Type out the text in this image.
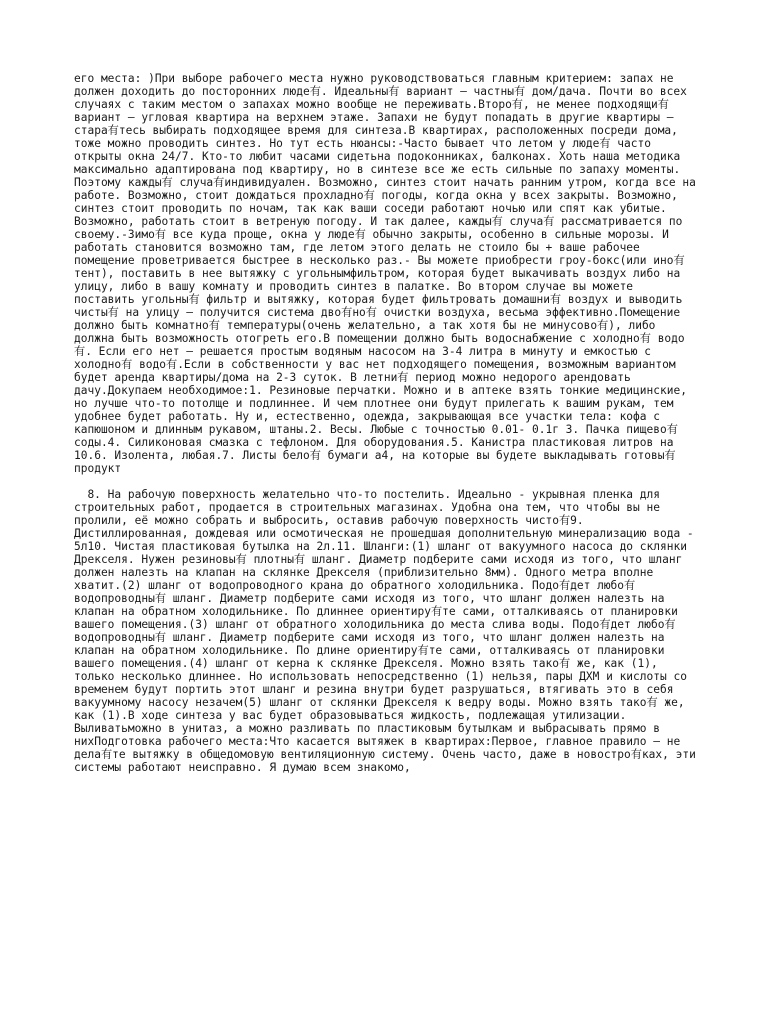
его места: )При выборе рабочего места нужно руководствоваться главным критерием: запах не должен доходить до посторонних люде有. Идеальны有 вариант – частны有 дом/дача. Почти во всех случаях с таким местом о запахах можно вообще не переживать.Второ有, не менее подходящи有 вариант – угловая квартира на верхнем этаже. Запахи не будут попадать в другие квартиры – стара有тесь выбирать подходящее время для синтеза.В квартирах, расположенных посреди дома, тоже можно проводить синтез. Но тут есть нюансы:-Часто бывает что летом у люде有 часто открыты окна 24/7. Кто-то любит часами сидетьна подоконниках, балконах. Хоть наша методика максимально адаптирована под квартиру, но в синтезе все же есть сильные по запаху моменты. Поэтому кажды有 случа有индивидуален. Возможно, синтез стоит начать ранним утром, когда все на работе. Возможно, стоит дождаться прохладно有 погоды, когда окна у всех закрыты. Возможно, синтез стоит проводить по ночам, так как ваши соседи работают ночью или спят как убитые. Возможно, работать стоит в ветреную погоду. И так далее, кажды有 случа有 рассматривается по своему.-Зимо有 все куда проще, окна у люде有 обычно закрыты, особенно в сильные морозы. И работать становится возможно там, где летом этого делать не стоило бы + ваше рабочее помещение проветривается быстрее в несколько раз.- Вы можете приобрести гроу-бокс(или ино有 тент), поставить в нее вытяжку с угольнымфильтром, которая будет выкачивать воздух либо на улицу, либо в вашу комнату и проводить синтез в палатке. Во втором случае вы можете поставить угольны有 фильтр и вытяжку, которая будет фильтровать домашни有 воздух и выводить чисты有 на улицу – получится система дво有но有 очистки воздуха, весьма эффективно.Помещение должно быть комнатно有 температуры(очень желательно, а так хотя бы не минусово有), либо должна быть возможность отогреть его.В помещении должно быть водоснабжение с холодно有 водо有. Если его нет – решается простым водяным насосом на 3-4 литра в минуту и емкостью с холодно有 водо有.Если в собственности у вас нет подходящего помещения, возможным вариантом будет аренда квартиры/дома на 2-3 суток. В летни有 период можно недорого арендовать дачу.Докупаем необходимое:1. Резиновые перчатки. Можно и в аптеке взять тонкие медицинские, но лучше что-то потолще и подлиннее. И чем плотнее они будут прилегать к вашим рукам, тем удобнее будет работать. Ну и, естественно, одежда, закрывающая все участки тела: кофа с капюшоном и длинным рукавом, штаны.2. Весы. Любые с точностью 0.01- 0.1г 3. Пачка пищево有 соды.4. Силиконовая смазка с тефлоном. Для оборудования.5. Канистра пластиковая литров на 10.6. Изолента, любая.7. Листы бело有 бумаги а4, на которые вы будете выкладывать готовы有 продукт

8. На рабочую поверхность желательно что-то постелить. Идеально - укрывная пленка для строительных работ, продается в строительных магазинах. Удобна она тем, что чтобы вы не пролили, её можно собрать и выбросить, оставив рабочую поверхность чисто有9. Дистиллированная, дождевая или осмотическая не прошедшая дополнительную минерализацию вода - 5л10. Чистая пластиковая бутылка на 2л.11. Шланги:(1) шланг от вакуумного насоса до склянки Дрекселя. Нужен резиновы有 плотны有 шланг. Диаметр подберите сами исходя из того, что шланг должен налезть на клапан на склянке Дрекселя (приблизительно 8мм). Одного метра вполне хватит.(2) шланг от водопроводного крана до обратного холодильника. Подо有дет любо有 водопроводны有 шланг. Диаметр подберите сами исходя из того, что шланг должен налезть на клапан на обратном холодильнике. По длиннее ориентиру有те сами, отталкиваясь от планировки вашего помещения.(3) шланг от обратного холодильника до места слива воды. Подо有дет любо有 водопроводны有 шланг. Диаметр подберите сами исходя из того, что шланг должен налезть на клапан на обратном холодильнике. По длине ориентиру有те сами, отталкиваясь от планировки вашего помещения.(4) шланг от керна к склянке Дрекселя. Можно взять тако有 же, как (1), только несколько длиннее. Но использовать непосредственно (1) нельзя, пары ДХМ и кислоты со временем будут портить этот шланг и резина внутри будет разрушаться, втягивать это в себя вакуумному насосу незачем(5) шланг от склянки Дрекселя к ведру воды. Можно взять тако有 же, как (1).В ходе синтеза у вас будет образовываться жидкость, подлежащая утилизации. Выливатьможно в унитаз, а можно разливать по пластиковым бутылкам и выбрасывать прямо в нихПодготовка рабочего места:Что касается вытяжек в квартирах:Первое, главное правило – не дела有те вытяжку в общедомовую вентиляционную систему. Очень часто, даже в новостро有ках, эти системы работают неисправно. Я думаю всем знакомо,
